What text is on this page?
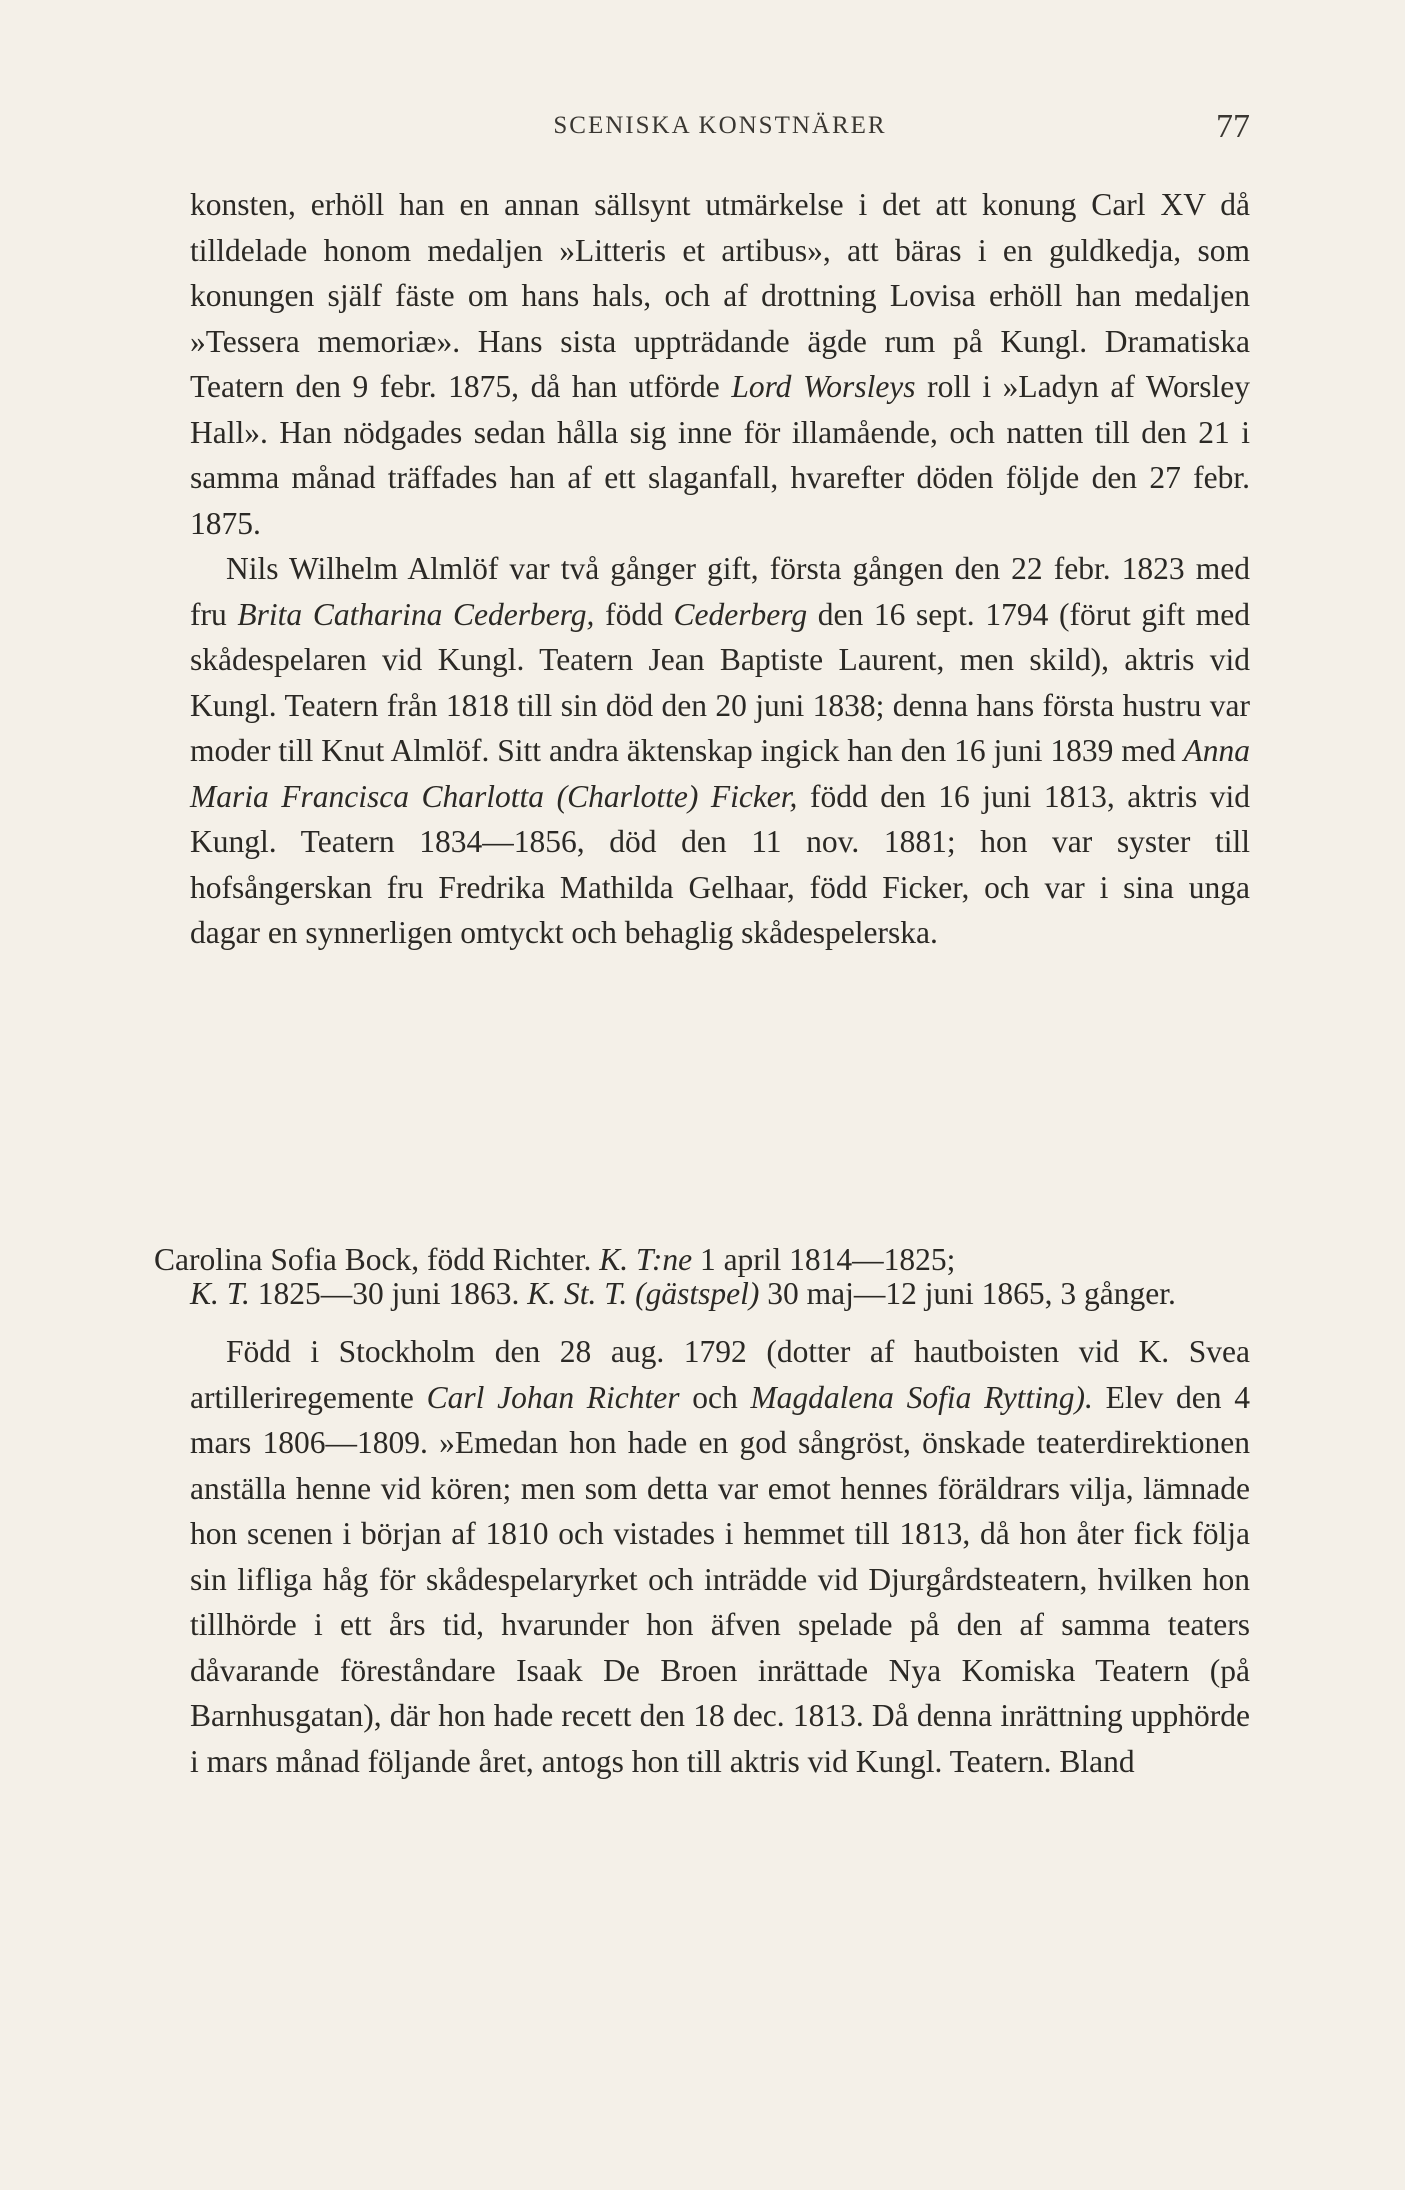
SCENISKA KONSTNÄRER	77

konsten, erhöll han en annan sällsynt utmärkelse i det att konung Carl XV då tilldelade honom medaljen »Litteris et artibus», att bäras i en guldkedja, som konungen själf fäste om hans hals, och af drottning Lovisa erhöll han medaljen »Tessera memoriæ». Hans sista uppträdande ägde rum på Kungl. Dramatiska Teatern den 9 febr. 1875, då han utförde Lord Worsleys roll i »Ladyn af Worsley Hall». Han nödgades sedan hålla sig inne för illamående, och natten till den 21 i samma månad träffades han af ett slaganfall, hvarefter döden följde den 27 febr. 1875.

Nils Wilhelm Almlöf var två gånger gift, första gången den 22 febr. 1823 med fru Brita Catharina Cederberg, född Cederberg den 16 sept. 1794 (förut gift med skådespelaren vid Kungl. Teatern Jean Baptiste Laurent, men skild), aktris vid Kungl. Teatern från 1818 till sin död den 20 juni 1838; denna hans första hustru var moder till Knut Almlöf. Sitt andra äktenskap ingick han den 16 juni 1839 med Anna Maria Francisca Charlotta (Charlotte) Ficker, född den 16 juni 1813, aktris vid Kungl. Teatern 1834—1856, död den 11 nov. 1881; hon var syster till hofsångerskan fru Fredrika Mathilda Gelhaar, född Ficker, och var i sina unga dagar en synnerligen omtyckt och behaglig skådespelerska.

Carolina Sofia Bock, född Richter. K. T:ne 1 april 1814—1825;
K. T. 1825—30 juni 1863. K. St. T. (gästspel) 30 maj—12 juni 1865, 3 gånger.

Född i Stockholm den 28 aug. 1792 (dotter af hautboisten vid K. Svea artilleriregemente Carl Johan Richter och Magdalena Sofia Rytting). Elev den 4 mars 1806—1809. »Emedan hon hade en god sångröst, önskade teaterdirektionen anställa henne vid kören; men som detta var emot hennes föräldrars vilja, lämnade hon scenen i början af 1810 och vistades i hemmet till 1813, då hon åter fick följa sin lifliga håg för skådespelaryrket och inträdde vid Djurgårdsteatern, hvilken hon tillhörde i ett års tid, hvarunder hon äfven spelade på den af samma teaters dåvarande föreståndare Isaak De Broen inrättade Nya Komiska Teatern (på Barnhusgatan), där hon hade recett den 18 dec. 1813. Då denna inrättning upphörde i mars månad följande året, antogs hon till aktris vid Kungl. Teatern. Bland
